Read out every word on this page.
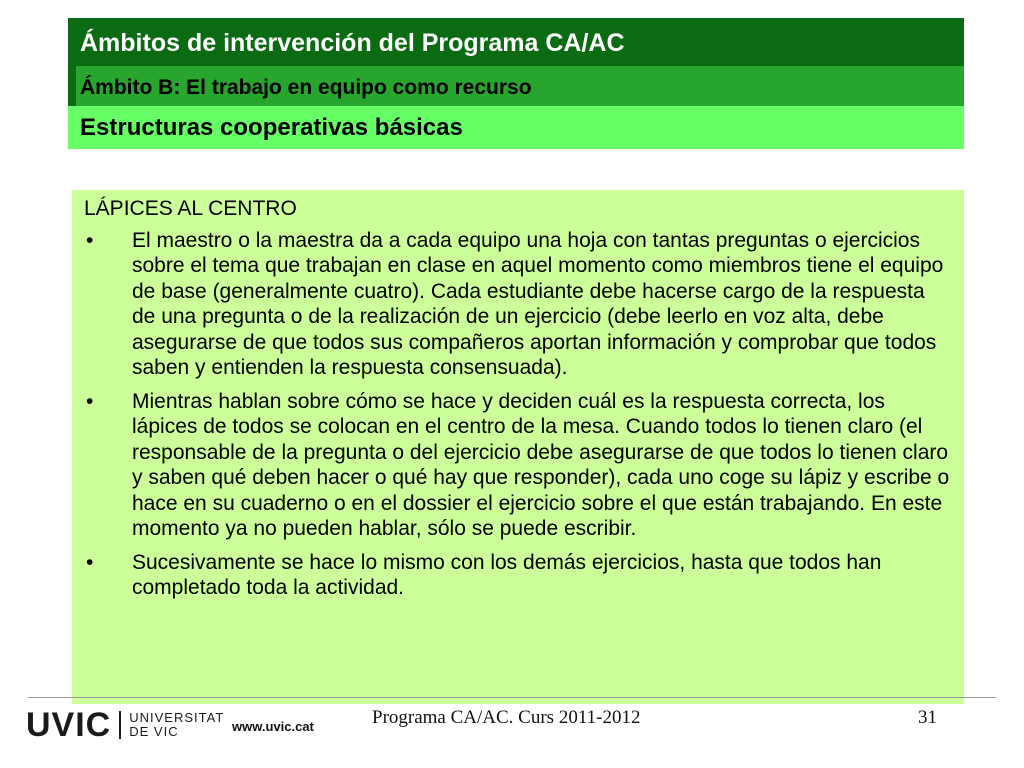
Ámbitos de intervención del Programa CA/AC
Ámbito B: El trabajo en equipo como recurso
Estructuras cooperativas básicas
LÁPICES AL CENTRO
• El maestro o la maestra da a cada equipo una hoja con tantas preguntas o ejercicios sobre el tema que trabajan en clase en aquel momento como miembros tiene el equipo de base (generalmente cuatro). Cada estudiante debe hacerse cargo de la respuesta de una pregunta o de la realización de un ejercicio (debe leerlo en voz alta, debe asegurarse de que todos sus compañeros aportan información y comprobar que todos saben y entienden la respuesta consensuada).
• Mientras hablan sobre cómo se hace y deciden cuál es la respuesta correcta, los lápices de todos se colocan en el centro de la mesa. Cuando todos lo tienen claro (el responsable de la pregunta o del ejercicio debe asegurarse de que todos lo tienen claro y saben qué deben hacer o qué hay que responder), cada uno coge su lápiz y escribe o hace en su cuaderno o en el dossier el ejercicio sobre el que están trabajando. En este momento ya no pueden hablar, sólo se puede escribir.
• Sucesivamente se hace lo mismo con los demás ejercicios, hasta que todos han completado toda la actividad.
UVIC UNIVERSITAT
DE VIC	www.uvic.cat	Programa CA/AC. Curs 2011-2012	31
